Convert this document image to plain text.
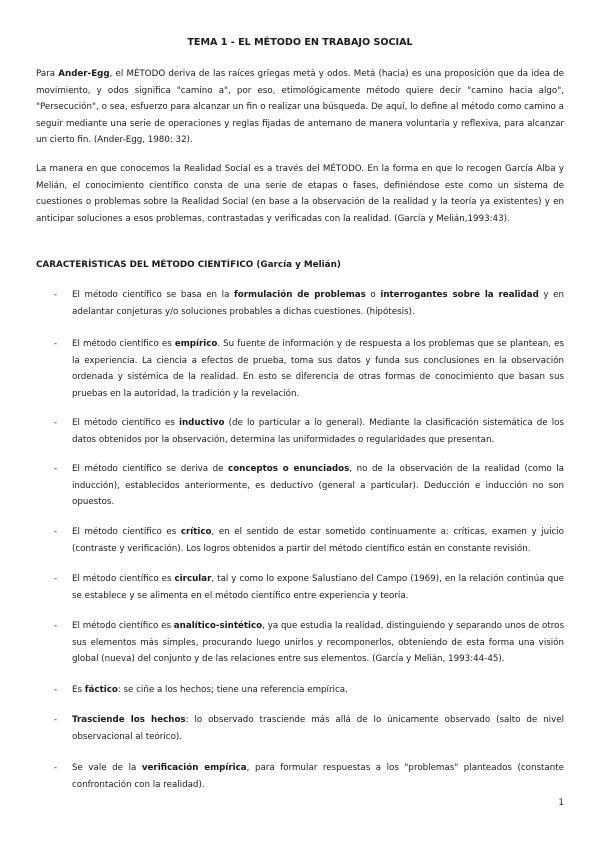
TEMA 1 - EL MÉTODO EN TRABAJO SOCIAL

Para Ander-Egg, el MÉTODO deriva de las raíces griegas metá y odos. Metá (hacia) es una proposición que da idea de movimiento, y odos significa "camino a", por eso, etimológicamente método quiere decir "camino hacia algo", "Persecución", o sea, esfuerzo para alcanzar un fin o realizar una búsqueda. De aquí, lo define al método como camino a seguir mediante una serie de operaciones y reglas fijadas de antemano de manera voluntaria y reflexiva, para alcanzar un cierto fin. (Ander-Egg, 1980: 32).

La manera en que conocemos la Realidad Social es a través del MÉTODO. En la forma en que lo recogen García Alba y Melián, el conocimiento científico consta de una serie de etapas o fases, definiéndose este como un sistema de cuestiones o problemas sobre la Realidad Social (en base a la observación de la realidad y la teoría ya existentes) y en anticipar soluciones a esos problemas, contrastadas y verificadas con la realidad. (García y Melián,1993:43).

CARACTERÍSTICAS DEL MÉTODO CIENTÍFICO (García y Melián)
- El método científico se basa en la formulación de problemas o interrogantes sobre la realidad y en adelantar conjeturas y/o soluciones probables a dichas cuestiones. (hipótesis).

- El método científico es empírico. Su fuente de información y de respuesta a los problemas que se plantean, es la experiencia. La ciencia a efectos de prueba, toma sus datos y funda sus conclusiones en la observación ordenada y sistémica de la realidad. En esto se diferencia de otras formas de conocimiento que basan sus pruebas en la autoridad, la tradición y la revelación.

- El método científico es inductivo (de lo particular a lo general). Mediante la clasificación sistemática de los datos obtenidos por la observación, determina las uniformidades o regularidades que presentan.

- El método científico se deriva de conceptos o enunciados, no de la observación de la realidad (como la inducción), establecidos anteriormente, es deductivo (general a particular). Deducción e inducción no son opuestos.

- El método científico es crítico, en el sentido de estar sometido continuamente a: críticas, examen y juicio (contraste y verificación). Los logros obtenidos a partir del método científico están en constante revisión.

- El método científico es circular, tal y como lo expone Salustiano del Campo (1969), en la relación continúa que se establece y se alimenta en el método científico entre experiencia y teoría.

- El método científico es analítico-sintético, ya que estudia la realidad, distinguiendo y separando unos de otros sus elementos más simples, procurando luego unirlos y recomponerlos, obteniendo de esta forma una visión global (nueva) del conjunto y de las relaciones entre sus elementos. (García y Melián, 1993:44-45).

- Es fáctico: se ciñe a los hechos; tiene una referencia empírica.

- Trasciende los hechos: lo observado trasciende más allá de lo únicamente observado (salto de nivel observacional al teórico).

- Se vale de la verificación empírica, para formular respuestas a los "problemas" planteados (constante confrontación con la realidad).

1
